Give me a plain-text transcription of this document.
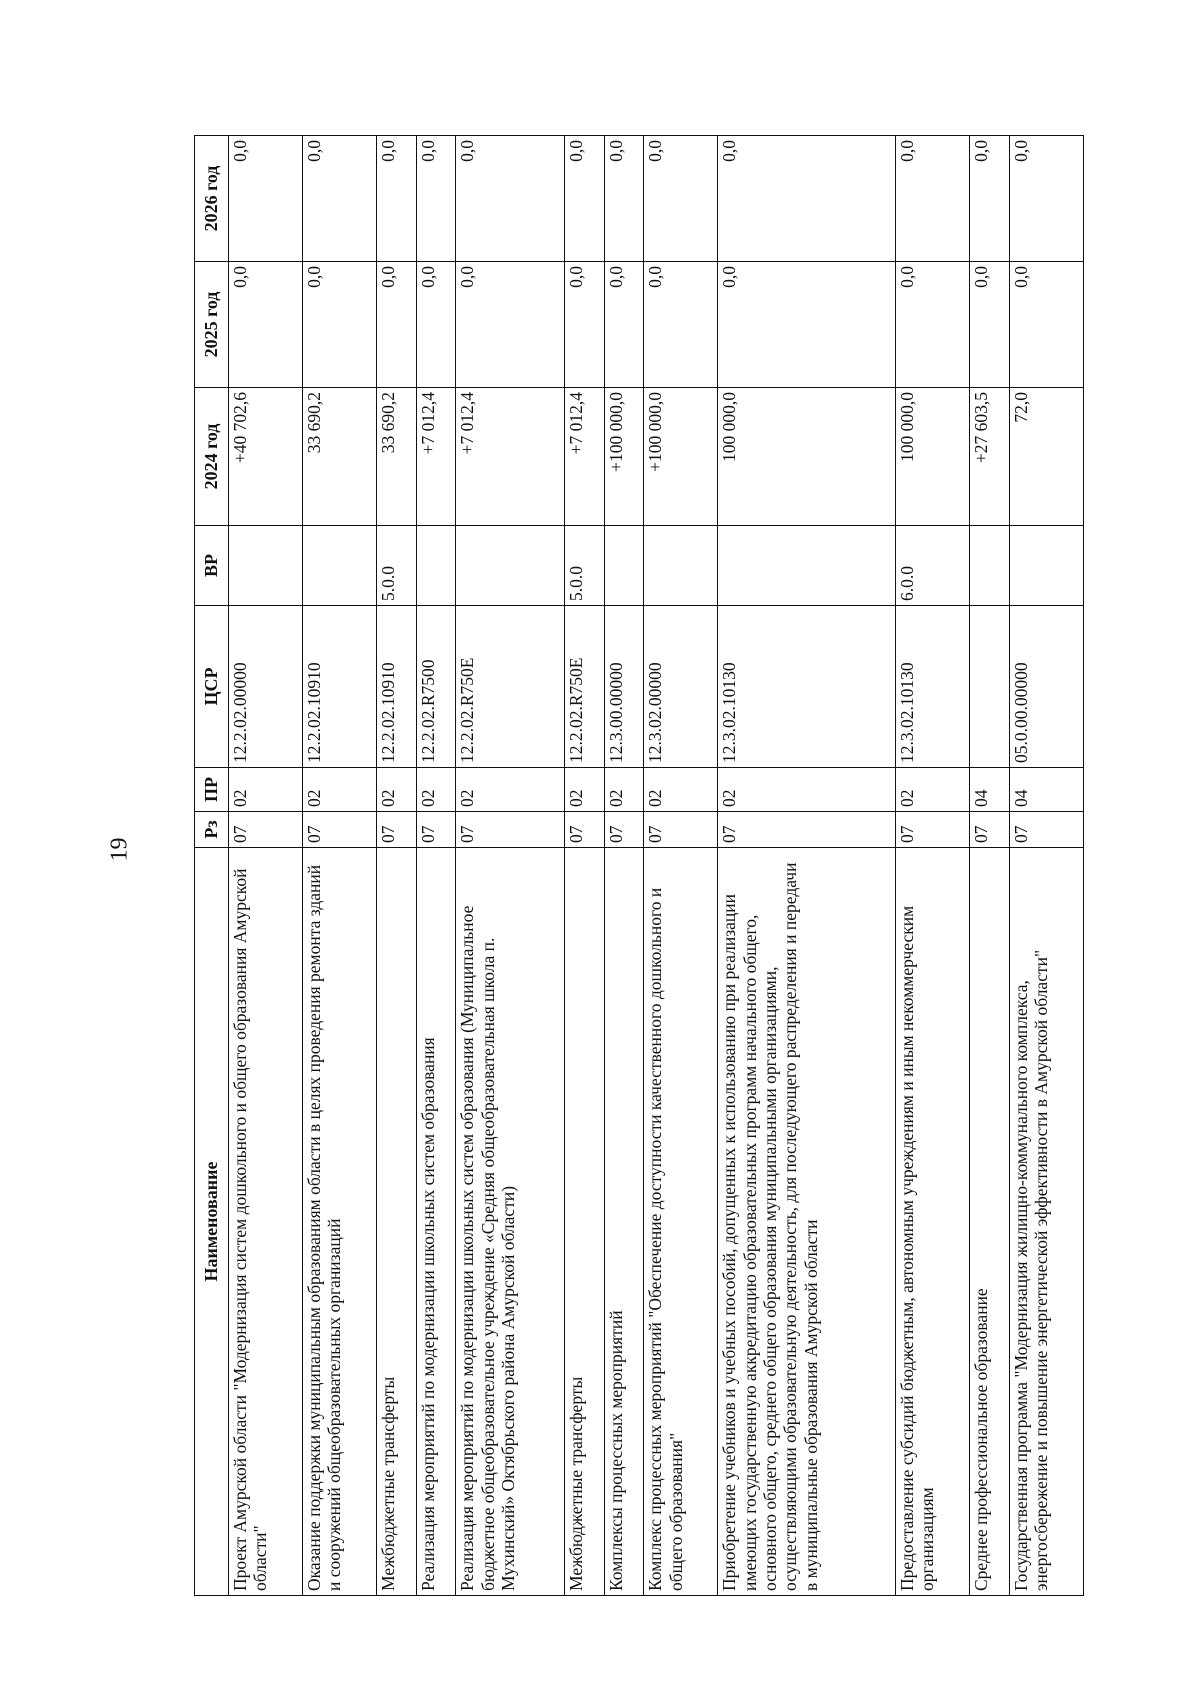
19
Наименование	Рз	ПР	ЦСР	ВР	2024 год	2025 год	2026 год
Проект Амурской области "Модернизация систем дошкольного и общего образования Амурской области"	07	02	12.2.02.00000		+40 702,6	0,0	0,0
Оказание поддержки муниципальным образованиям области в целях проведения ремонта зданий и сооружений общеобразовательных организаций	07	02	12.2.02.10910		33 690,2	0,0	0,0
Межбюджетные трансферты	07	02	12.2.02.10910	5.0.0	33 690,2	0,0	0,0
Реализация мероприятий по модернизации школьных систем образования	07	02	12.2.02.R7500		+7 012,4	0,0	0,0
Реализация мероприятий по модернизации школьных систем образования (Муниципальное бюджетное общеобразовательное учреждение «Средняя общеобразовательная школа п. Мухинский» Октябрьского района Амурской области)	07	02	12.2.02.R750E		+7 012,4	0,0	0,0
Межбюджетные трансферты	07	02	12.2.02.R750E	5.0.0	+7 012,4	0,0	0,0
Комплексы процессных мероприятий	07	02	12.3.00.00000		+100 000,0	0,0	0,0
Комплекс процессных мероприятий "Обеспечение доступности качественного дошкольного и общего образования"	07	02	12.3.02.00000		+100 000,0	0,0	0,0
Приобретение учебников и учебных пособий, допущенных к использованию при реализации имеющих государственную аккредитацию образовательных программ начального общего, основного общего, среднего общего образования муниципальными организациями, осуществляющими образовательную деятельность, для последующего распределения и передачи в муниципальные образования Амурской области	07	02	12.3.02.10130		100 000,0	0,0	0,0
Предоставление субсидий бюджетным, автономным учреждениям и иным некоммерческим организациям	07	02	12.3.02.10130	6.0.0	100 000,0	0,0	0,0
Среднее профессиональное образование	07	04			+27 603,5	0,0	0,0
Государственная программа "Модернизация жилищно-коммунального комплекса, энергосбережение и повышение энергетической эффективности в Амурской области"	07	04	05.0.00.00000		72,0	0,0	0,0
